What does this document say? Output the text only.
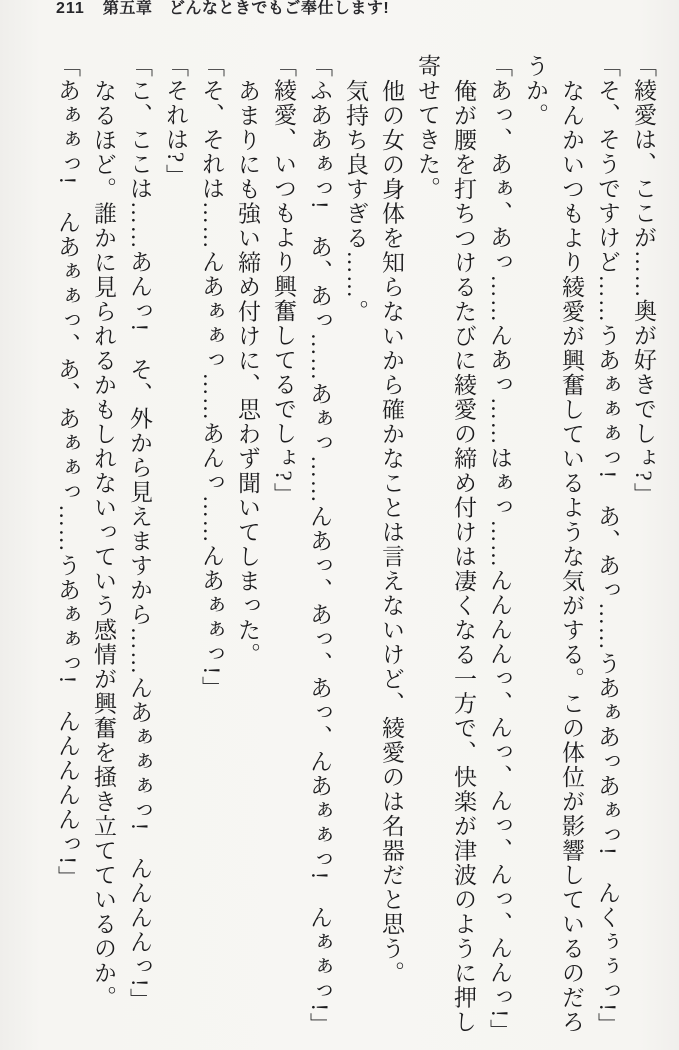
211 第五章　どんなときでもご奉仕します!

「綾愛は、ここが……奥が好きでしょ?」

「そ、そうですけど……うあぁぁぁっ!　あ、あっ……うあぁあっあぁっ!　んくぅぅっ!」

なんかいつもより綾愛が興奮しているような気がする。この体位が影響しているのだろ

うか。

「あっ、あぁ、あっ……んあっ……はぁっ……んんんんっ、んっ、んっ、んっ、んんっ!」

俺が腰を打ちつけるたびに綾愛の締め付けは凄くなる一方で、快楽が津波のように押し

寄せてきた。

他の女の身体を知らないから確かなことは言えないけど、綾愛のは名器だと思う。

気持ち良すぎる……。

「ふああぁっ!　あ、あっ……あぁっ……んあっ、あっ、あっ、んあぁぁっ!　んぁぁっ!」

「綾愛、いつもより興奮してるでしょ?」

あまりにも強い締め付けに、思わず聞いてしまった。

「そ、それは……んあぁぁっ……あんっ……んあぁぁっ!」

「それは?」

「こ、ここは……あんっ!　そ、外から見えますから……んあぁぁぁっ!　んんんんっ!」

なるほど。誰かに見られるかもしれないっていう感情が興奮を掻き立てているのか。

「あぁぁっ!　んあぁぁっ、あ、あぁぁっ……うあぁぁっ!　んんんんんっ!」
